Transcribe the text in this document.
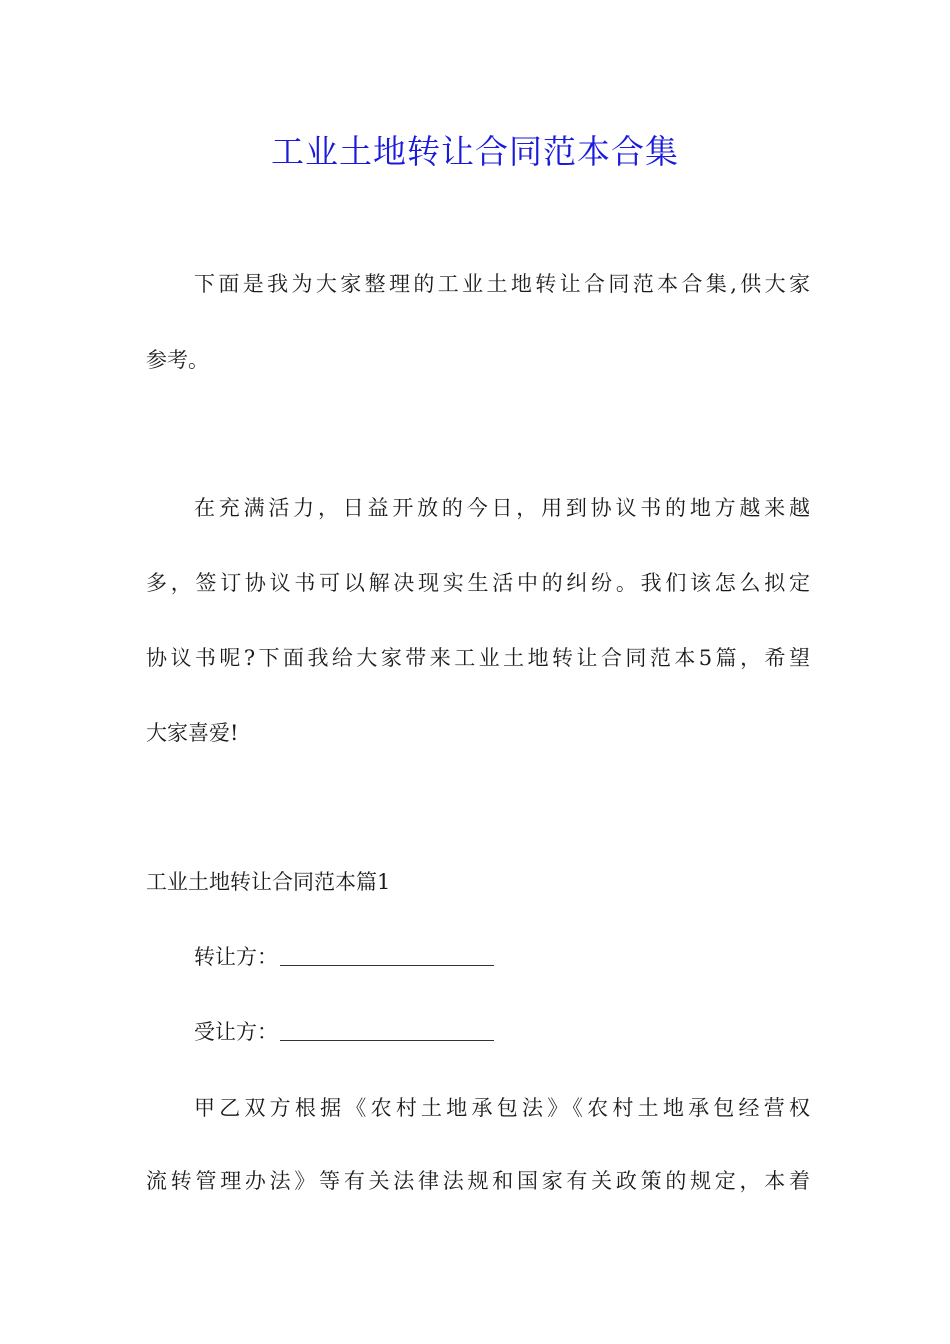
工业土地转让合同范本合集

下面是我为大家整理的工业土地转让合同范本合集,供大家

参考。

在充满活力，日益开放的今日，用到协议书的地方越来越

多，签订协议书可以解决现实生活中的纠纷。我们该怎么拟定

协议书呢?下面我给大家带来工业土地转让合同范本5篇，希望

大家喜爱!

工业土地转让合同范本篇1

转让方：
受让方：

甲乙双方根据《农村土地承包法》《农村土地承包经营权

流转管理办法》等有关法律法规和国家有关政策的规定，本着
